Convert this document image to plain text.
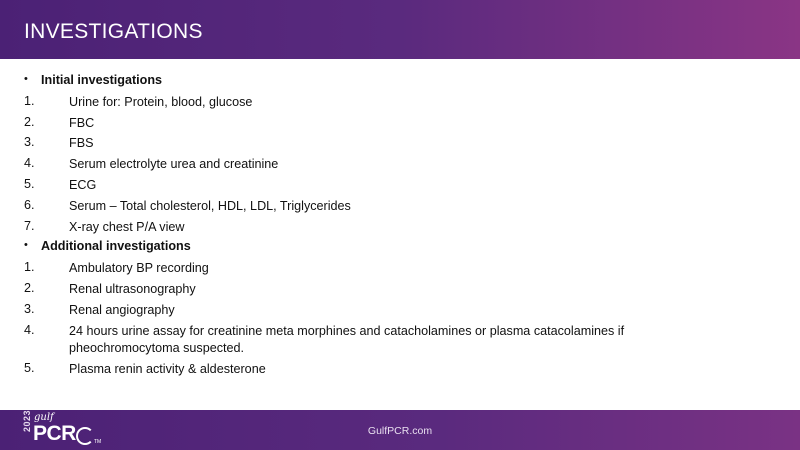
INVESTIGATIONS
• Initial investigations
1.	Urine for: Protein, blood, glucose
2.	FBC
3.	FBS
4.	Serum electrolyte urea and creatinine
5.	ECG
6.	Serum – Total cholesterol, HDL, LDL, Triglycerides
7.	X-ray chest P/A view
• Additional investigations
1.	Ambulatory BP recording
2.	Renal ultrasonography
3.	Renal angiography
4.	24 hours urine assay for creatinine meta morphines and catacholamines or plasma catacolamines if pheochromocytoma suspected.
5.	Plasma renin activity & aldesterone
2023 gulf
PCR	TM
GulfPCR.com
